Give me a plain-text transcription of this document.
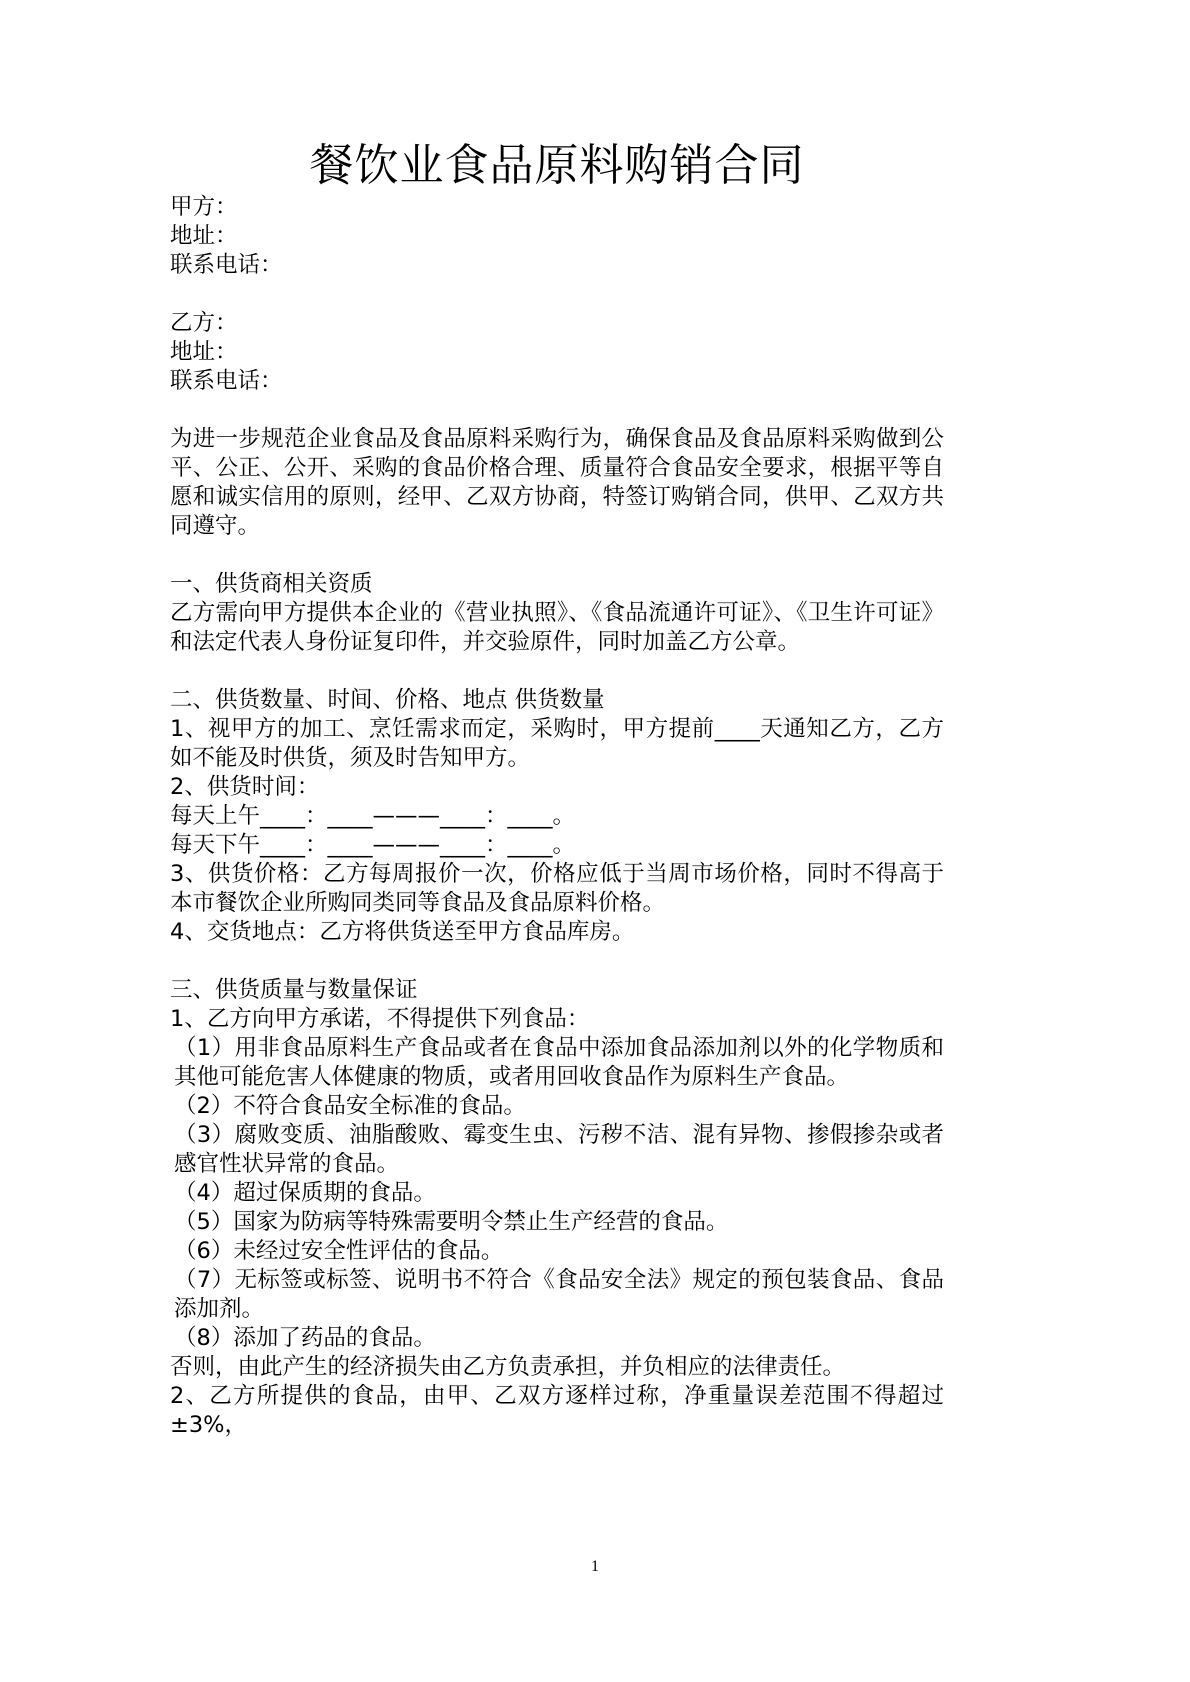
餐饮业食品原料购销合同
甲方：
地址：
联系电话：
乙方：
地址：
联系电话：
为进一步规范企业食品及食品原料采购行为，确保食品及食品原料采购做到公平、公正、公开、采购的食品价格合理、质量符合食品安全要求，根据平等自愿和诚实信用的原则，经甲、乙双方协商，特签订购销合同，供甲、乙双方共同遵守。
一、供货商相关资质
乙方需向甲方提供本企业的《营业执照》、《食品流通许可证》、《卫生许可证》和法定代表人身份证复印件，并交验原件，同时加盖乙方公章。
二、供货数量、时间、价格、地点 供货数量
1、视甲方的加工、烹饪需求而定，采购时，甲方提前____天通知乙方，乙方如不能及时供货，须及时告知甲方。
2、供货时间：
每天上午____：____———____：____。
每天下午____：____———____：____。
3、供货价格：乙方每周报价一次，价格应低于当周市场价格，同时不得高于本市餐饮企业所购同类同等食品及食品原料价格。
4、交货地点：乙方将供货送至甲方食品库房。
三、供货质量与数量保证
1、乙方向甲方承诺，不得提供下列食品：
（1）用非食品原料生产食品或者在食品中添加食品添加剂以外的化学物质和其他可能危害人体健康的物质，或者用回收食品作为原料生产食品。
（2）不符合食品安全标准的食品。
（3）腐败变质、油脂酸败、霉变生虫、污秽不洁、混有异物、掺假掺杂或者感官性状异常的食品。
（4）超过保质期的食品。
（5）国家为防病等特殊需要明令禁止生产经营的食品。
（6）未经过安全性评估的食品。
（7）无标签或标签、说明书不符合《食品安全法》规定的预包装食品、食品添加剂。
（8）添加了药品的食品。
否则，由此产生的经济损失由乙方负责承担，并负相应的法律责任。
2、乙方所提供的食品，由甲、乙双方逐样过称，净重量误差范围不得超过±3%，
1
